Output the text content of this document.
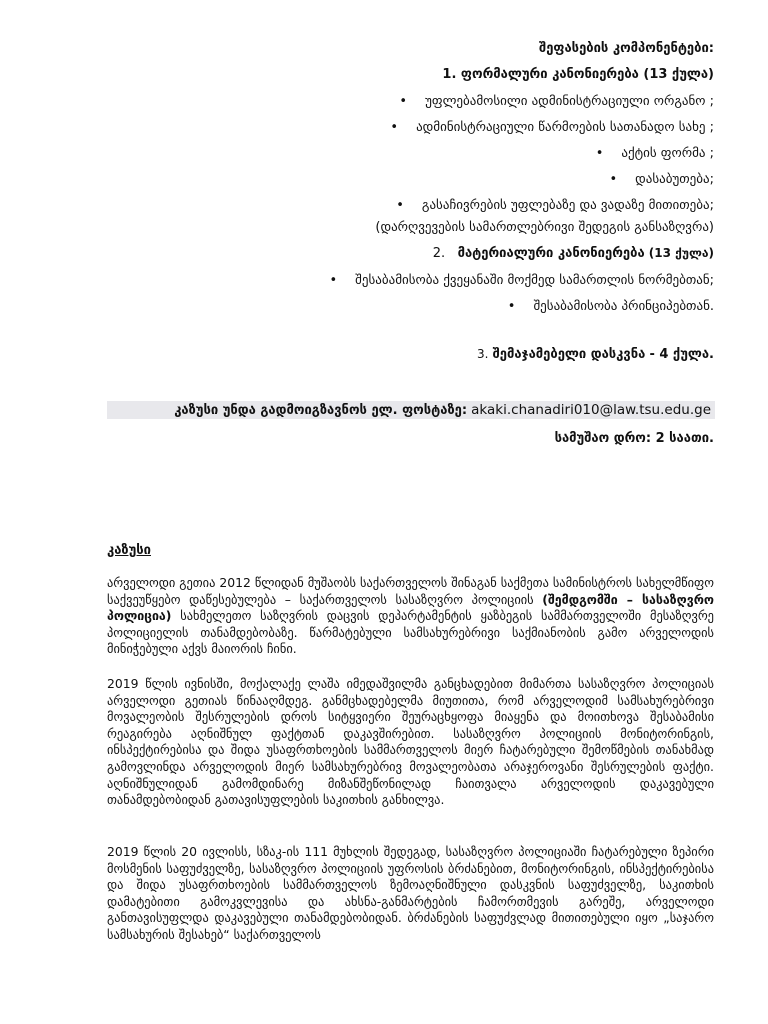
შეფასების კომპონენტები:
1. ფორმალური კანონიერება (13 ქულა)
• უფლებამოსილი ადმინისტრაციული ორგანო ;
• ადმინისტრაციული წარმოების სათანადო სახე ;
• აქტის ფორმა ;
• დასაბუთება;
• გასაჩივრების უფლებაზე და ვადაზე მითითება;
(დარღვევების სამართლებრივი შედეგის განსაზღვრა)
2. მატერიალური კანონიერება (13 ქულა)
• შესაბამისობა ქვეყანაში მოქმედ სამართლის ნორმებთან;
• შესაბამისობა პრინციპებთან.
3. შემაჯამებელი დასკვნა - 4 ქულა.
კაზუსი უნდა გადმოიგზავნოს ელ. ფოსტაზე: akaki.chanadiri010@law.tsu.edu.ge
სამუშაო დრო: 2 საათი.
კაზუსი
არველოდი გეთია 2012 წლიდან მუშაობს საქართველოს შინაგან საქმეთა სამინისტროს სახელმწიფო საქვეუწყებო დაწესებულება – საქართველოს სასაზღვრო პოლიციის (შემდგომში – სასაზღვრო პოლიცია) სახმელეთო საზღვრის დაცვის დეპარტამენტის ყაზბეგის სამმართველოში მესაზღვრე პოლიციელის თანამდებობაზე. წარმატებული სამსახურებრივი საქმიანობის გამო არველოდის მინიჭებული აქვს მაიორის ჩინი.
2019 წლის ივნისში, მოქალაქე ლაშა იმედაშვილმა განცხადებით მიმართა სასაზღვრო პოლიციას არველოდი გეთიას წინააღმდეგ. განმცხადებელმა მიუთითა, რომ არველოდიმ სამსახურებრივი მოვალეობის შესრულების დროს სიტყვიერი შეურაცხყოფა მიაყენა და მოითხოვა შესაბამისი რეაგირება აღნიშნულ ფაქტთან დაკავშირებით. სასაზღვრო პოლიციის მონიტორინგის, ინსპექტირებისა და შიდა უსაფრთხოების სამმართველოს მიერ ჩატარებული შემოწმების თანახმად გამოვლინდა არველოდის მიერ სამსახურებრივ მოვალეობათა არაჯეროვანი შესრულების ფაქტი. აღნიშნულიდან გამომდინარე მიზანშეწონილად ჩაითვალა არველოდის დაკავებული თანამდებობიდან გათავისუფლების საკითხის განხილვა.
2019 წლის 20 ივლისს, სზაკ-ის 111 მუხლის შედეგად, სასაზღვრო პოლიციაში ჩატარებული ზეპირი მოსმენის საფუძველზე, სასაზღვრო პოლიციის უფროსის ბრძანებით, მონიტორინგის, ინსპექტირებისა და შიდა უსაფრთხოების სამმართველოს ზემოაღნიშნული დასკვნის საფუძველზე, საკითხის დამატებითი გამოკვლევისა და ახსნა-განმარტების ჩამორთმევის გარეშე, არველოდი განთავისუფლდა დაკავებული თანამდებობიდან. ბრძანების საფუძვლად მითითებული იყო „საჯარო სამსახურის შესახებ“ საქართველოს
